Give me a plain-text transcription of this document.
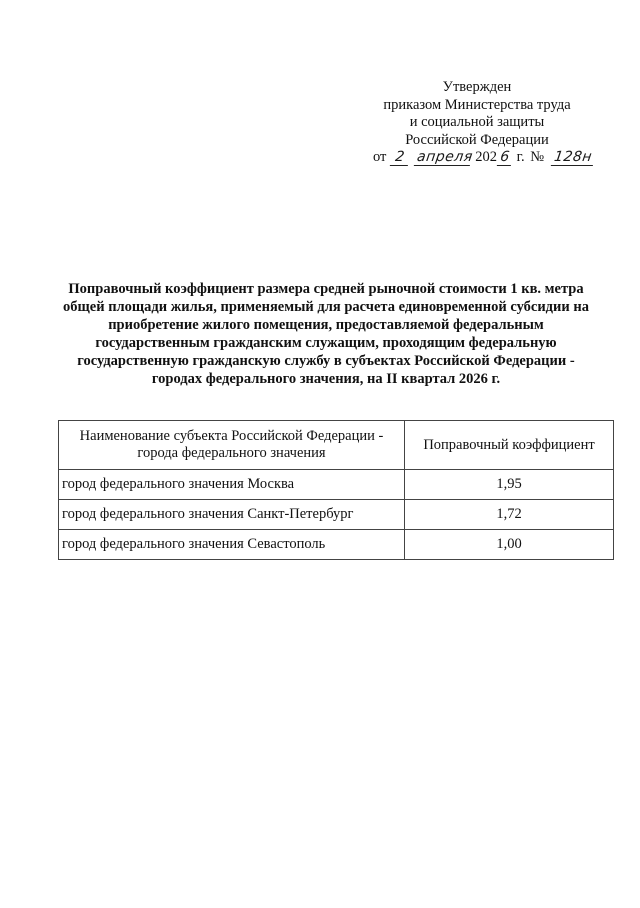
Утвержден
приказом Министерства труда
и социальной защиты
Российской Федерации
от 2 апреля 202 6 г. № 128н
Поправочный коэффициент размера средней рыночной стоимости 1 кв. метра
общей площади жилья, применяемый для расчета единовременной субсидии на
приобретение жилого помещения, предоставляемой федеральным
государственным гражданским служащим, проходящим федеральную
государственную гражданскую службу в субъектах Российской Федерации -
городах федерального значения, на II квартал 2026 г.
Наименование субъекта Российской Федерации -
города федерального значения	Поправочный коэффициент
город федерального значения Москва	1,95
город федерального значения Санкт-Петербург	1,72
город федерального значения Севастополь	1,00
